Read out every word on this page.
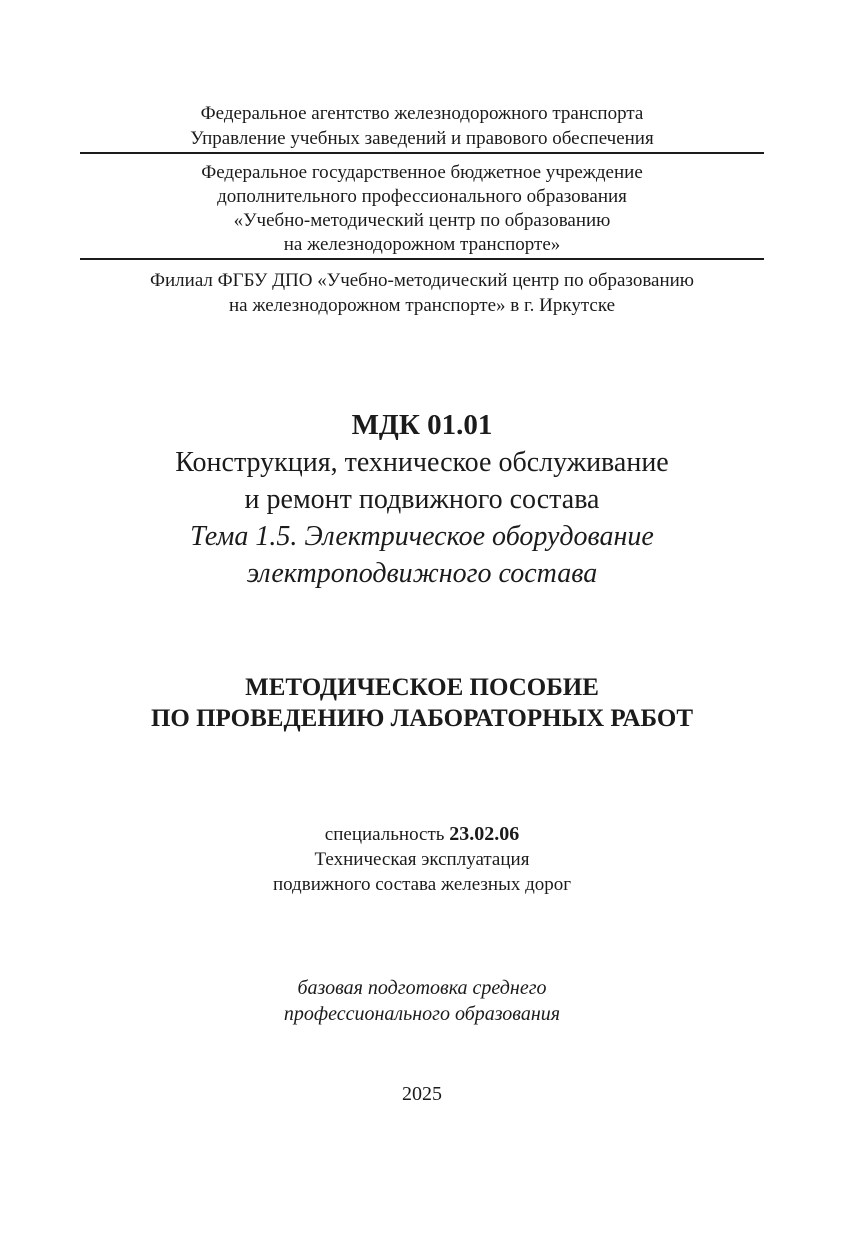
Федеральное агентство железнодорожного транспорта
Управление учебных заведений и правового обеспечения
Федеральное государственное бюджетное учреждение
дополнительного профессионального образования
«Учебно-методический центр по образованию
на железнодорожном транспорте»
Филиал ФГБУ ДПО «Учебно-методический центр по образованию
на железнодорожном транспорте» в г. Иркутске
МДК 01.01
Конструкция, техническое обслуживание
и ремонт подвижного состава
Тема 1.5. Электрическое оборудование
электроподвижного состава
МЕТОДИЧЕСКОЕ ПОСОБИЕ
ПО ПРОВЕДЕНИЮ ЛАБОРАТОРНЫХ РАБОТ
специальность 23.02.06
Техническая эксплуатация
подвижного состава железных дорог
базовая подготовка среднего
профессионального образования
2025
